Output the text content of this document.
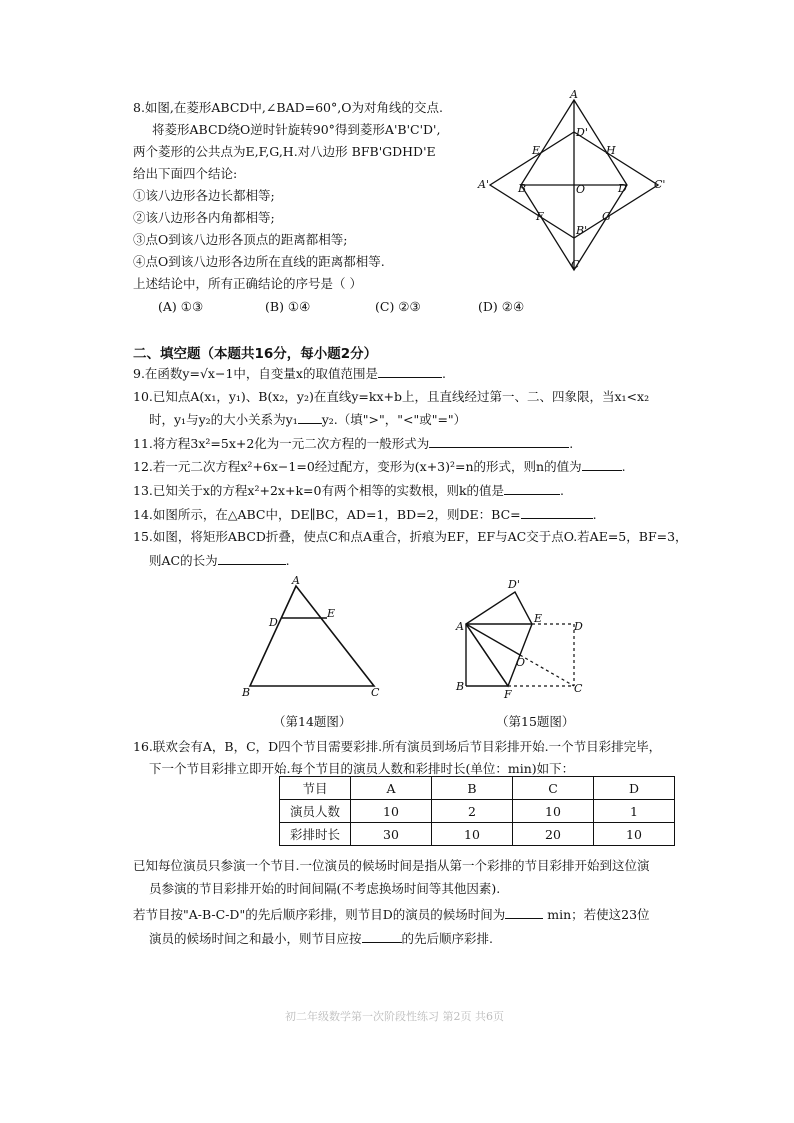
8.如图,在菱形ABCD中,∠BAD=60°,O为对角线的交点.
将菱形ABCD绕O逆时针旋转90°得到菱形A'B'C'D',
两个菱形的公共点为E,F,G,H.对八边形 BFB'GDHD'E
给出下面四个结论:
①该八边形各边长都相等;
②该八边形各内角都相等;
③点O到该八边形各顶点的距离都相等;
④点O到该八边形各边所在直线的距离都相等.
上述结论中，所有正确结论的序号是（ ）
(A) ①③	(B) ①④	(C) ②③	(D) ②④
A
D'
E	H
A'	B	O	D C'
F	G
B'
C
二、填空题（本题共16分，每小题2分）
9.在函数y=√x−1中，自变量x的取值范围是	.
10.已知点A(x₁，y₁)、B(x₂，y₂)在直线y=kx+b上，且直线经过第一、二、四象限，当x₁<x₂
时，y₁与y₂的大小关系为y₁ y₂.（填">"，"<"或"="）
11.将方程3x²=5x+2化为一元二次方程的一般形式为	.
12.若一元二次方程x²+6x−1=0经过配方，变形为(x+3)²=n的形式，则n的值为	.
13.已知关于x的方程x²+2x+k=0有两个相等的实数根，则k的值是	.
14.如图所示，在△ABC中，DE∥BC，AD=1，BD=2，则DE：BC=	.
15.如图，将矩形ABCD折叠，使点C和点A重合，折痕为EF，EF与AC交于点O.若AE=5，BF=3，
则AC的长为	.
A
D
E
B	C
（第14题图）
D'
A
E
D
O
B
F	C
（第15题图）
16.联欢会有A，B，C，D四个节目需要彩排.所有演员到场后节目彩排开始.一个节目彩排完毕，
下一个节目彩排立即开始.每个节目的演员人数和彩排时长(单位：min)如下：
节目	A	B	C	D
演员人数	10	2	10	1
彩排时长	30	10	20	10
已知每位演员只参演一个节目.一位演员的候场时间是指从第一个彩排的节目彩排开始到这位演
员参演的节目彩排开始的时间间隔(不考虑换场时间等其他因素).
若节目按"A-B-C-D"的先后顺序彩排，则节目D的演员的候场时间为	min；若使这23位
演员的候场时间之和最小，则节目应按	的先后顺序彩排.
初二年级数学第一次阶段性练习 第2页 共6页
